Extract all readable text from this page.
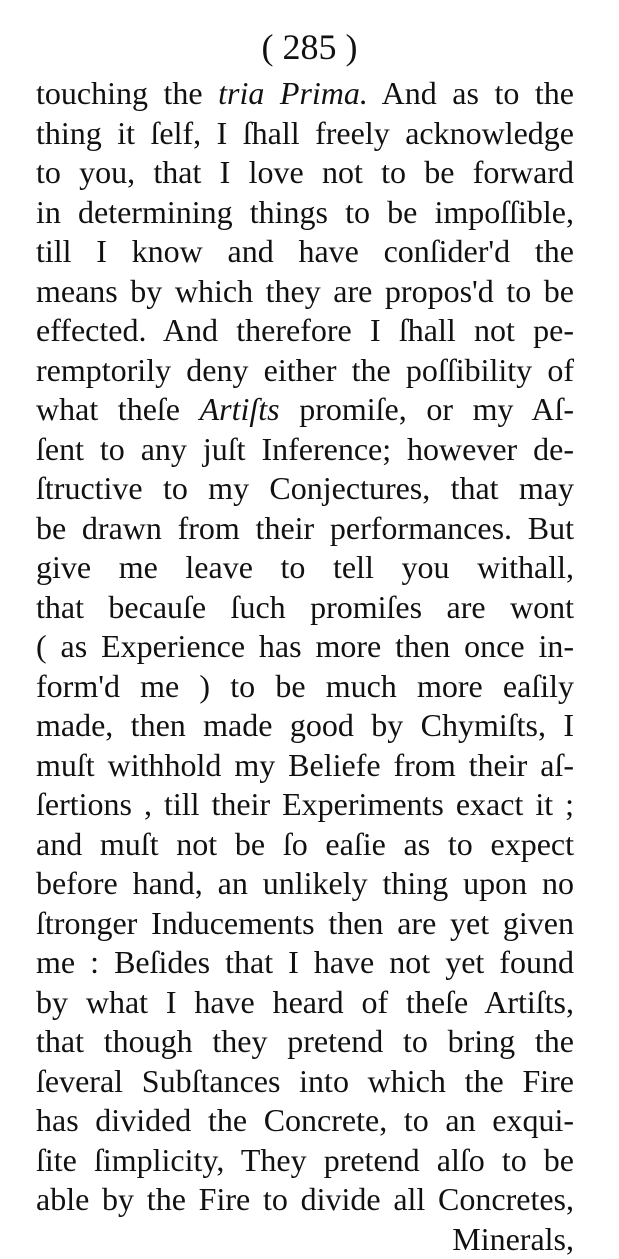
( 285 )
touching the tria Prima. And as to the
thing it ſelf, I ſhall freely acknowledge
to you, that I love not to be forward
in determining things to be impoſſible,
till I know and have conſider'd the
means by which they are propos'd to be
effected. And therefore I ſhall not pe-
remptorily deny either the poſſibility of
what theſe Artiſts promiſe, or my Aſ-
ſent to any juſt Inference; however de-
ſtructive to my Conjectures, that may
be drawn from their performances. But
give me leave to tell you withall,
that becauſe ſuch promiſes are wont
( as Experience has more then once in-
form'd me ) to be much more eaſily
made, then made good by Chymiſts, I
muſt withhold my Beliefe from their aſ-
ſertions , till their Experiments exact it ;
and muſt not be ſo eaſie as to expect
before hand, an unlikely thing upon no
ſtronger Inducements then are yet given
me : Beſides that I have not yet found
by what I have heard of theſe Artiſts,
that though they pretend to bring the
ſeveral Subſtances into which the Fire
has divided the Concrete, to an exqui-
ſite ſimplicity, They pretend alſo to be
able by the Fire to divide all Concretes,
Minerals,
